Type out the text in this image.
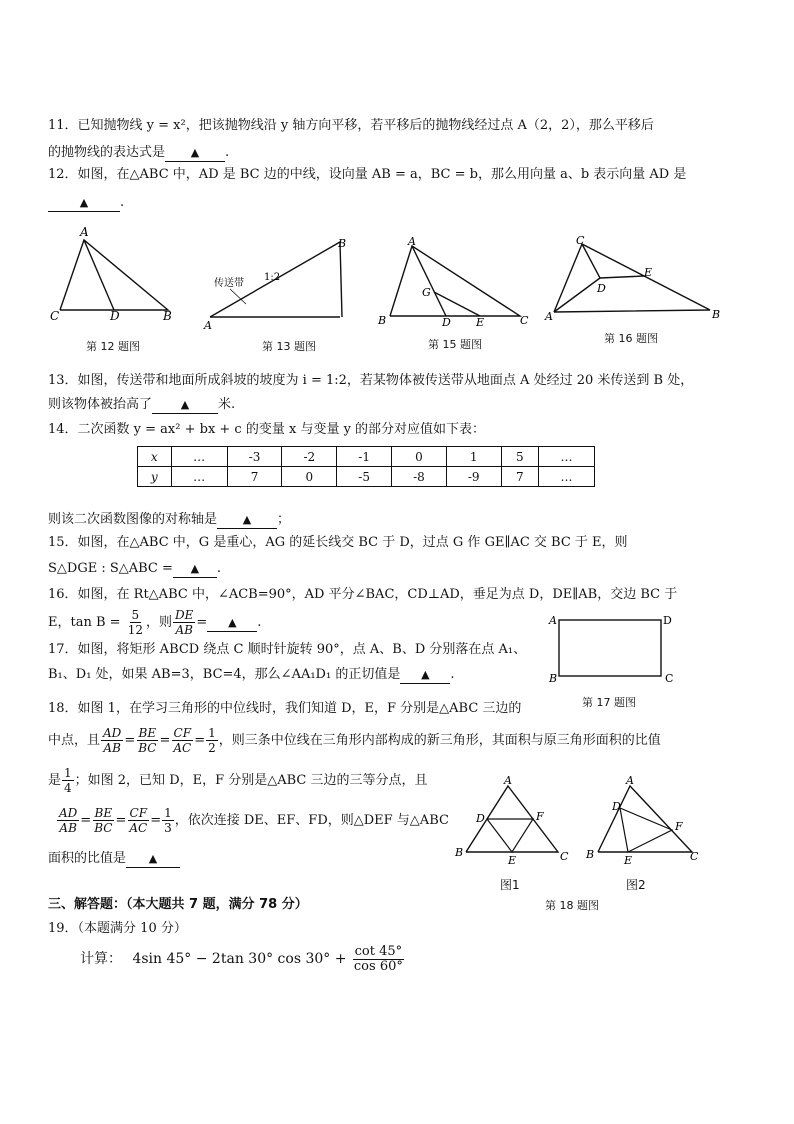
11．已知抛物线 y = x²，把该抛物线沿 y 轴方向平移，若平移后的抛物线经过点 A（2，2），那么平移后
的抛物线的表达式是 ▲ .
12．如图，在△ABC 中，AD 是 BC 边的中线，设向量 AB = a，BC = b，那么用向量 a、b 表示向量 AD 是
▲ .
A
C	D	B
第 12 题图
A
B
传送带
1:2
第 13 题图
A
B
G
D E	C
第 15 题图
C
E
D
A	B
第 16 题图
13．如图，传送带和地面所成斜坡的坡度为 i = 1:2，若某物体被传送带从地面点 A 处经过 20 米传送到 B 处，
则该物体被抬高了	▲ 米.
14．二次函数 y = ax² + bx + c 的变量 x 与变量 y 的部分对应值如下表：
x	…	-3	-2	-1	0	1	5	…
y	…	7	0	-5	-8	-9	7	…
则该二次函数图像的对称轴是 ▲ ；
15．如图，在△ABC 中，G 是重心，AG 的延长线交 BC 于 D，过点 G 作 GE∥AC 交 BC 于 E，则
S△DGE : S△ABC = ▲ .
16．如图，在 Rt△ABC 中，∠ACB=90°，AD 平分∠BAC，CD⊥AD，垂足为点 D，DE∥AB，交边 BC 于
E，$\tan B = \frac{5}{12}$ ，则 $\frac{DE}{AB}$ = ▲ .	A	D
B	C
第 17 题图
17．如图，将矩形 ABCD 绕点 C 顺时针旋转 90°，点 A、B、D 分别落在点 A₁、
B₁、D₁ 处，如果 AB=3，BC=4，那么∠AA₁D₁ 的正切值是 ▲ .
18．如图 1，在学习三角形的中位线时，我们知道 D，E，F 分别是△ABC 三边的
中点，且 $\frac{AD}{AB} = \frac{BE}{BC} = \frac{CF}{AC} = \frac{1}{2}$ ，则三条中位线在三角形内部构成的新三角形，其面积与原三角形面积的比值
是 $\frac{1}{4}$ ；如图 2，已知 D，E，F 分别是△ABC 三边的三等分点，且
$\frac{AD}{AB} = \frac{BE}{BC} = \frac{CF}{AC} = \frac{1}{3}$ ，依次连接 DE、EF、FD，则△DEF 与△ABC
面积的比值是 ▲
A
D	F
B
E	C
A
D
F
B	E	C
图1	图2
第 18 题图
三、解答题：（本大题共 7 题，满分 78 分）
19．（本题满分 10 分）
计算： 4sin 45° − 2tan 30° $\cos 30^\circ + \frac{\cot 45^\circ}{\cos 60^\circ}$
